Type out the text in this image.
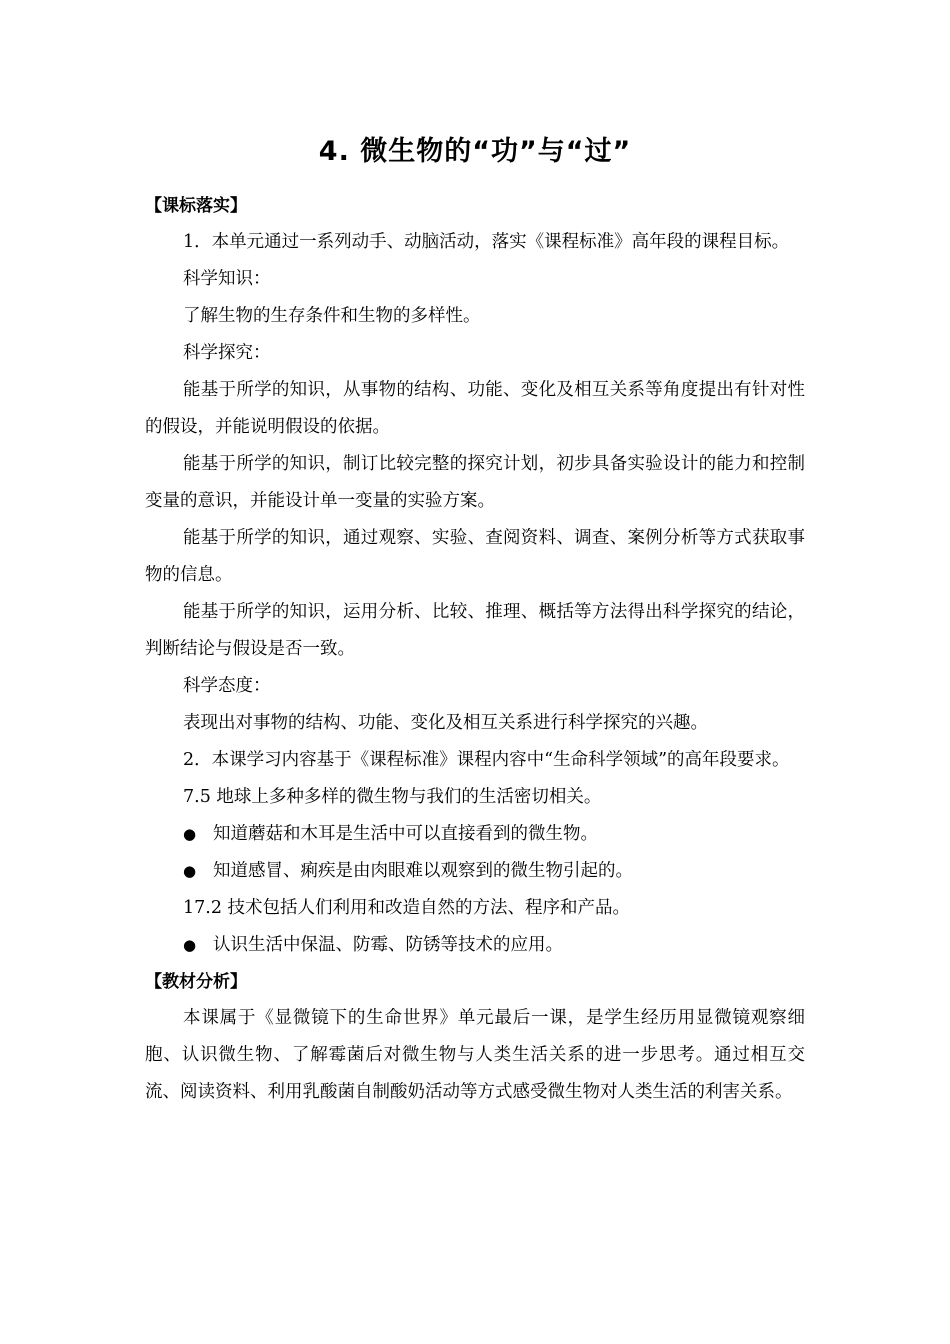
4. 微生物的“功”与“过”
【课标落实】

1．本单元通过一系列动手、动脑活动，落实《课程标准》高年段的课程目标。

科学知识：

了解生物的生存条件和生物的多样性。

科学探究：

能基于所学的知识，从事物的结构、功能、变化及相互关系等角度提出有针对性的假设，并能说明假设的依据。

能基于所学的知识，制订比较完整的探究计划，初步具备实验设计的能力和控制变量的意识，并能设计单一变量的实验方案。

能基于所学的知识，通过观察、实验、查阅资料、调查、案例分析等方式获取事物的信息。

能基于所学的知识，运用分析、比较、推理、概括等方法得出科学探究的结论，判断结论与假设是否一致。

科学态度：

表现出对事物的结构、功能、变化及相互关系进行科学探究的兴趣。

2．本课学习内容基于《课程标准》课程内容中“生命科学领域”的高年段要求。

7.5 地球上多种多样的微生物与我们的生活密切相关。

● 知道蘑菇和木耳是生活中可以直接看到的微生物。

● 知道感冒、痢疾是由肉眼难以观察到的微生物引起的。

17.2 技术包括人们利用和改造自然的方法、程序和产品。

● 认识生活中保温、防霉、防锈等技术的应用。

【教材分析】

本课属于《显微镜下的生命世界》单元最后一课，是学生经历用显微镜观察细胞、认识微生物、了解霉菌后对微生物与人类生活关系的进一步思考。通过相互交流、阅读资料、利用乳酸菌自制酸奶活动等方式感受微生物对人类生活的利害关系。
